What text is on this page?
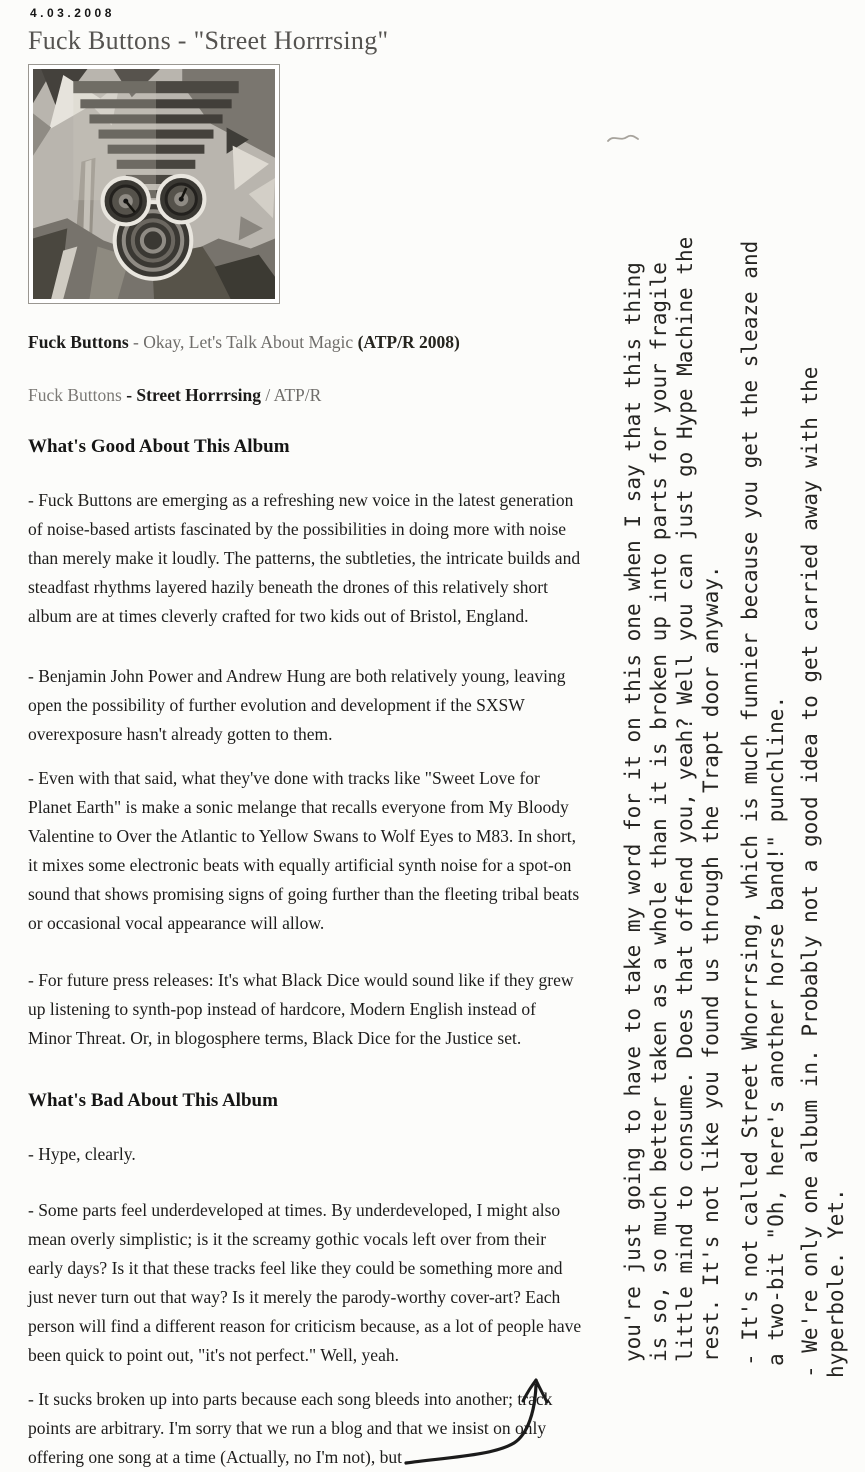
4.03.2008
Fuck Buttons - "Street Horrrsing"

Fuck Buttons - Okay, Let's Talk About Magic (ATP/R 2008)

Fuck Buttons - Street Horrrsing / ATP/R

What's Good About This Album

- Fuck Buttons are emerging as a refreshing new voice in the latest generation of noise-based artists fascinated by the possibilities in doing more with noise than merely make it loudly. The patterns, the subtleties, the intricate builds and steadfast rhythms layered hazily beneath the drones of this relatively short album are at times cleverly crafted for two kids out of Bristol, England.

- Benjamin John Power and Andrew Hung are both relatively young, leaving open the possibility of further evolution and development if the SXSW overexposure hasn't already gotten to them.

- Even with that said, what they've done with tracks like "Sweet Love for Planet Earth" is make a sonic melange that recalls everyone from My Bloody Valentine to Over the Atlantic to Yellow Swans to Wolf Eyes to M83. In short, it mixes some electronic beats with equally artificial synth noise for a spot-on sound that shows promising signs of going further than the fleeting tribal beats or occasional vocal appearance will allow.

- For future press releases: It's what Black Dice would sound like if they grew up listening to synth-pop instead of hardcore, Modern English instead of Minor Threat. Or, in blogosphere terms, Black Dice for the Justice set.

What's Bad About This Album

- Hype, clearly.

- Some parts feel underdeveloped at times. By underdeveloped, I might also mean overly simplistic; is it the screamy gothic vocals left over from their early days? Is it that these tracks feel like they could be something more and just never turn out that way? Is it merely the parody-worthy cover-art? Each person will find a different reason for criticism because, as a lot of people have been quick to point out, "it's not perfect." Well, yeah.

- It sucks broken up into parts because each song bleeds into another; track points are arbitrary. I'm sorry that we run a blog and that we insist on only offering one song at a time (Actually, no I'm not), but

you're just going to have to take my word for it on this one when I say that this thing is so, so much better taken as a whole than it is broken up into parts for your fragile little mind to consume. Does that offend you, yeah? Well you can just go Hype Machine the rest. It's not like you found us through the Trapt door anyway. - It's not called Street Whorrrsing, which is much funnier because you get the sleaze and a two-bit "Oh, here's another horse band!" punchline. - We're only one album in. Probably not a good idea to get carried away with the hyperbole. Yet.
